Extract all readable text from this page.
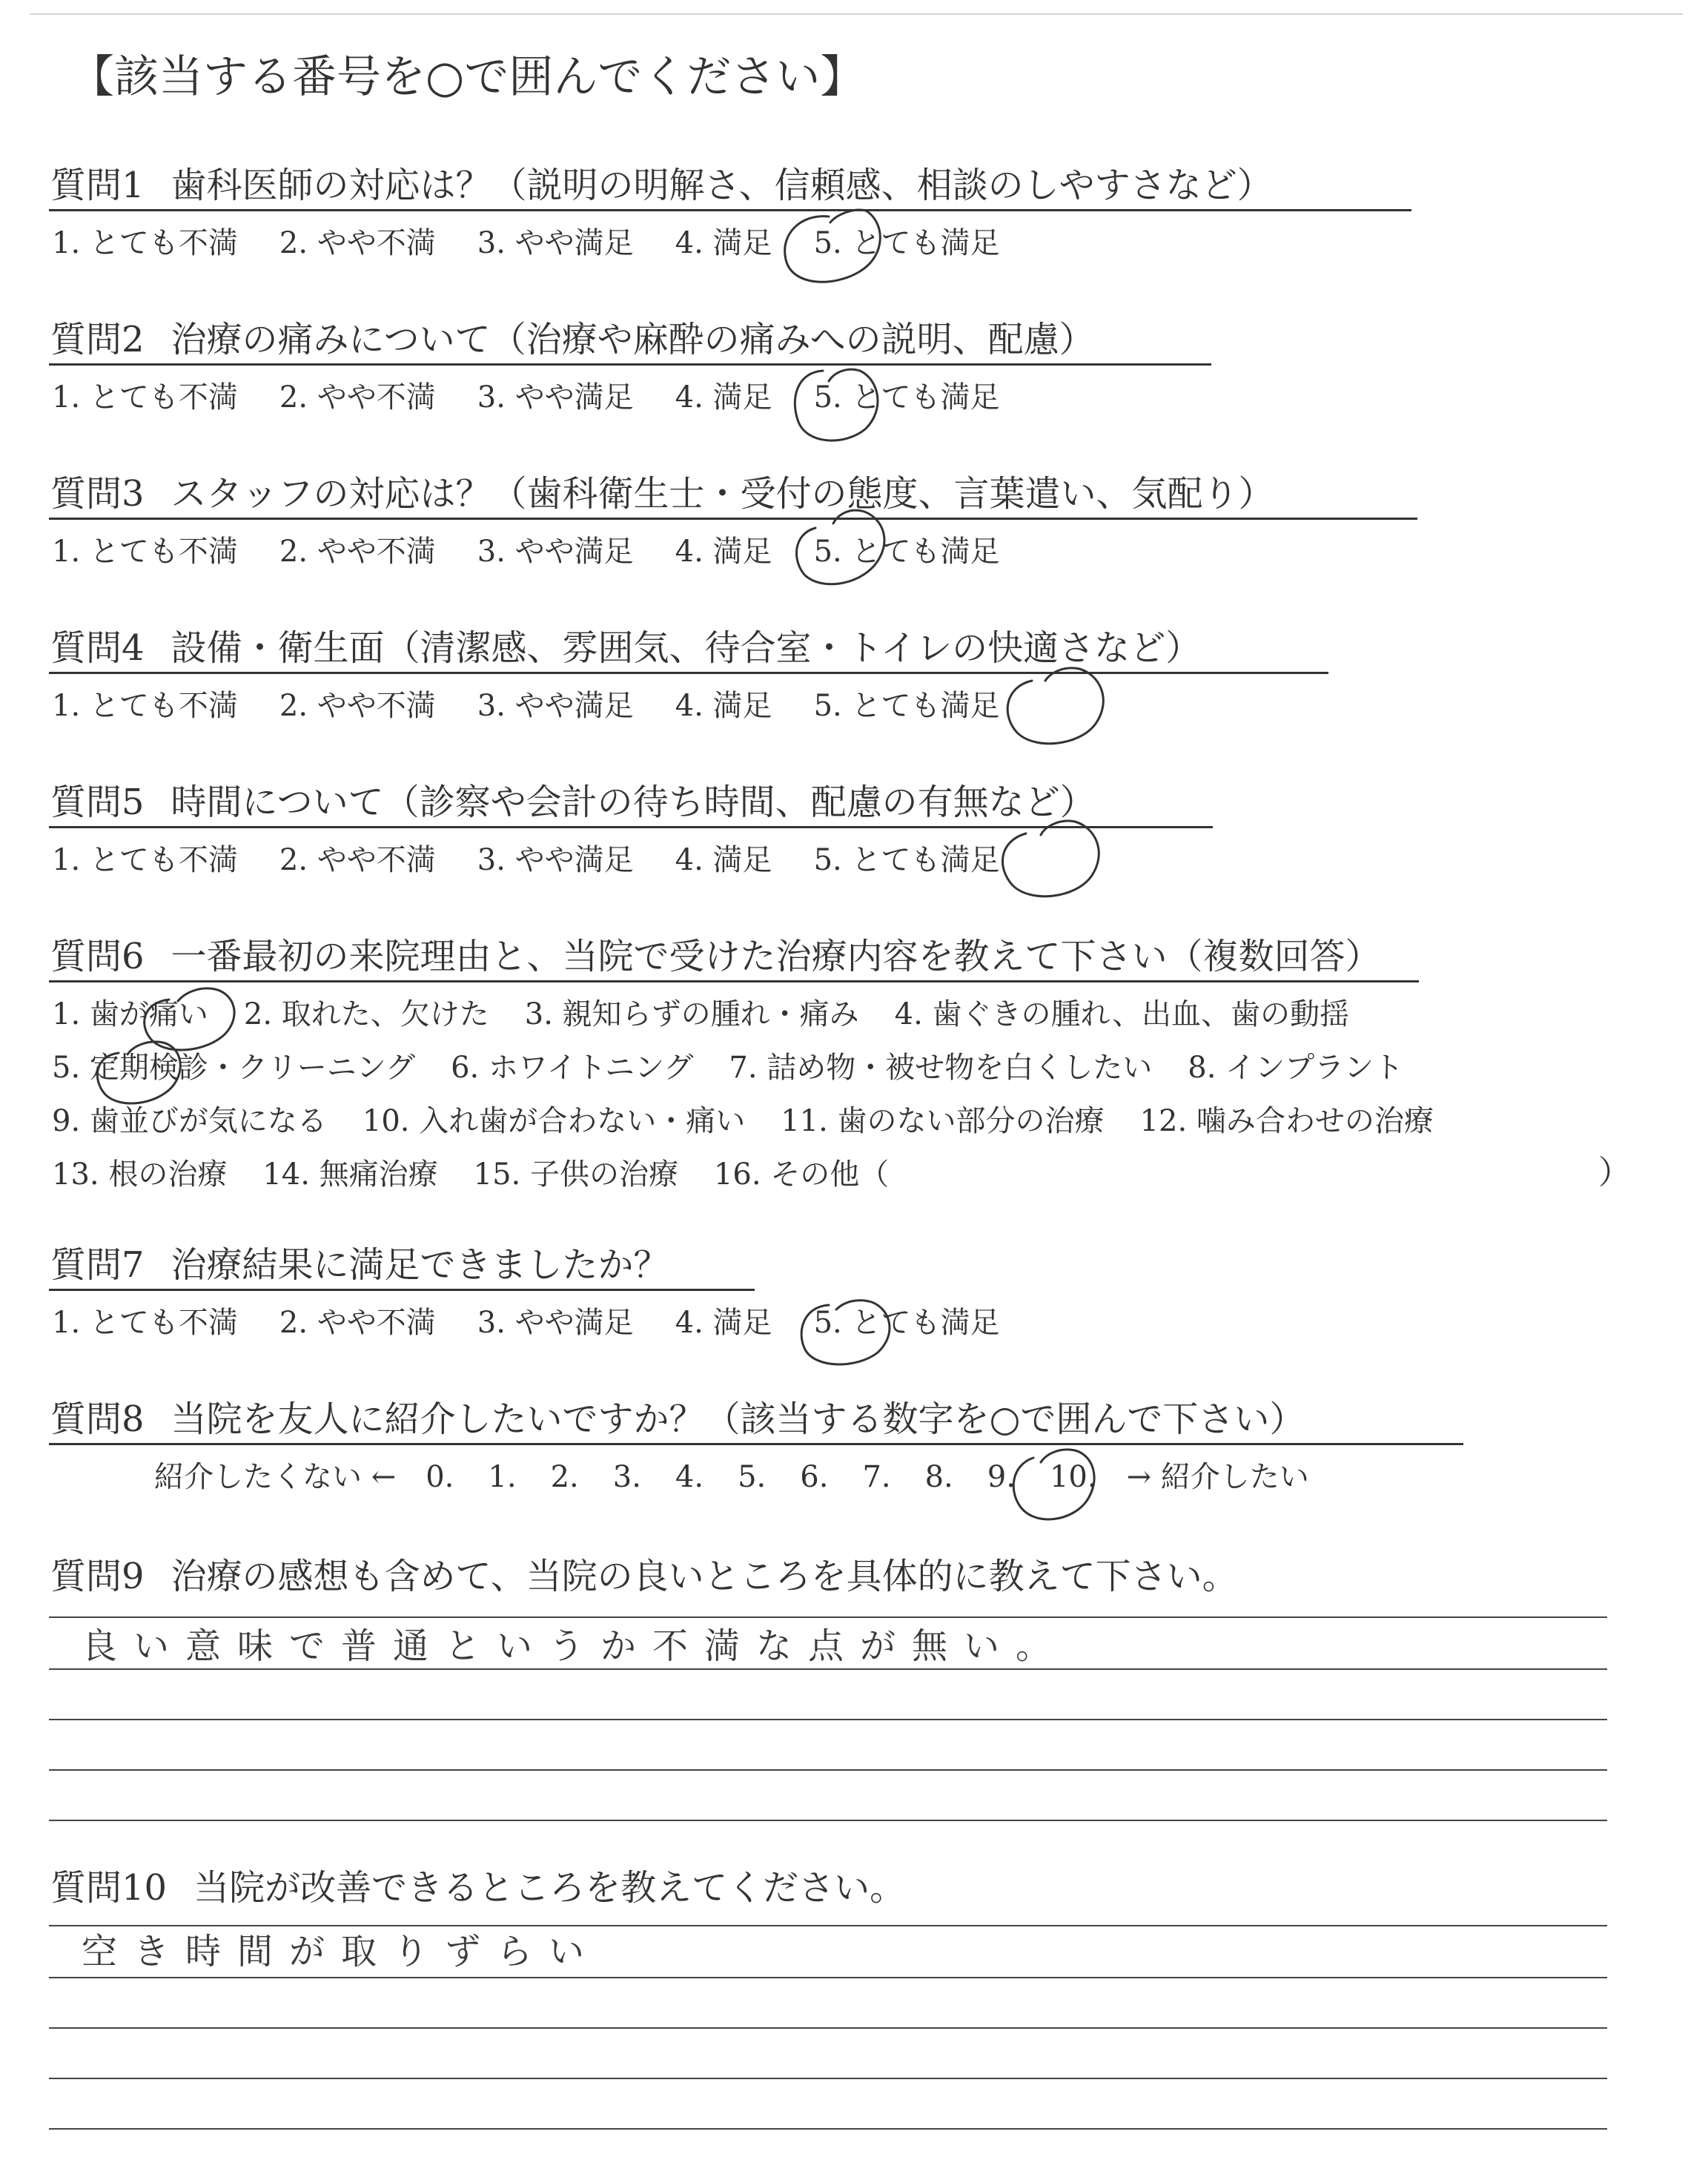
【該当する番号を○で囲んでください】
質問1 歯科医師の対応は？（説明の明解さ、信頼感、相談のしやすさなど）
1. とても不満 2. やや不満 3. やや満足 4. 満足 5. とても満足
質問2 治療の痛みについて（治療や麻酔の痛みへの説明、配慮）
1. とても不満 2. やや不満 3. やや満足 4. 満足 5. とても満足
質問3 スタッフの対応は？（歯科衛生士・受付の態度、言葉遣い、気配り）
1. とても不満 2. やや不満 3. やや満足 4. 満足 5. とても満足
質問4 設備・衛生面（清潔感、雰囲気、待合室・トイレの快適さなど）
1. とても不満 2. やや不満 3. やや満足 4. 満足 5. とても満足
質問5 時間について（診察や会計の待ち時間、配慮の有無など）
1. とても不満 2. やや不満 3. やや満足 4. 満足 5. とても満足
質問6 一番最初の来院理由と、当院で受けた治療内容を教えて下さい（複数回答）
1. 歯が痛い 2. 取れた、欠けた 3. 親知らずの腫れ・痛み 4. 歯ぐきの腫れ、出血、歯の動揺
5. 定期検診・クリーニング 6. ホワイトニング 7. 詰め物・被せ物を白くしたい 8. インプラント
9. 歯並びが気になる 10. 入れ歯が合わない・痛い 11. 歯のない部分の治療 12. 噛み合わせの治療
13. 根の治療 14. 無痛治療 15. 子供の治療 16. その他（	）
質問7 治療結果に満足できましたか？
1. とても不満 2. やや不満 3. やや満足 4. 満足 5. とても満足
質問8 当院を友人に紹介したいですか？（該当する数字を○で囲んで下さい）
紹介したくない ← 0. 1. 2. 3. 4. 5. 6. 7. 8. 9. 10. → 紹介したい
質問9 治療の感想も含めて、当院の良いところを具体的に教えて下さい。
良い意味で普通というか不満な点が無い。
質問10 当院が改善できるところを教えてください。
空き時間が取りずらい
